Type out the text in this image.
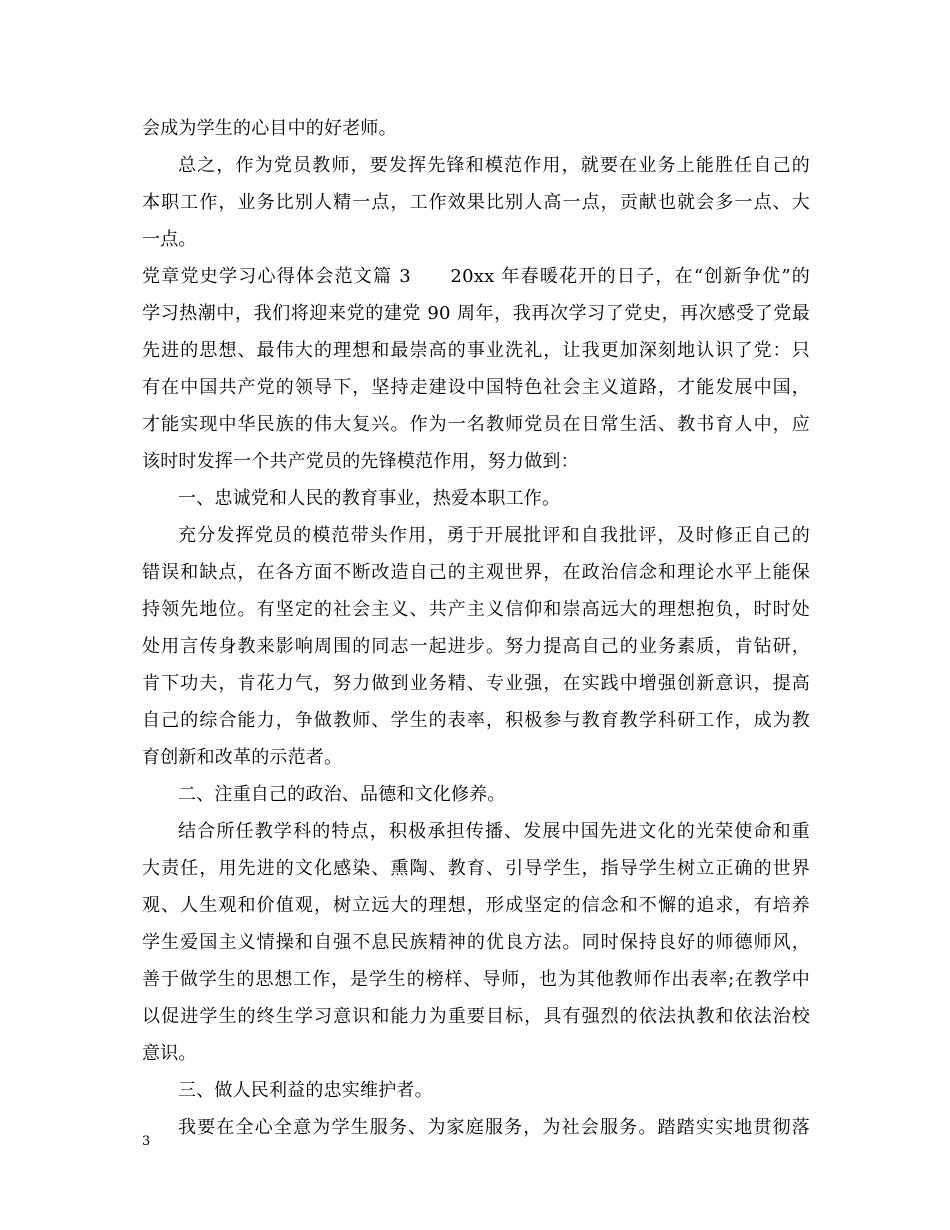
会成为学生的心目中的好老师。
总之，作为党员教师，要发挥先锋和模范作用，就要在业务上能胜任自己的
本职工作，业务比别人精一点，工作效果比别人高一点，贡献也就会多一点、大
一点。
党章党史学习心得体会范文篇 3　　20xx 年春暖花开的日子，在“创新争优”的
学习热潮中，我们将迎来党的建党 90 周年，我再次学习了党史，再次感受了党最
先进的思想、最伟大的理想和最崇高的事业洗礼，让我更加深刻地认识了党：只
有在中国共产党的领导下，坚持走建设中国特色社会主义道路，才能发展中国，
才能实现中华民族的伟大复兴。作为一名教师党员在日常生活、教书育人中，应
该时时发挥一个共产党员的先锋模范作用，努力做到：
一、忠诚党和人民的教育事业，热爱本职工作。
充分发挥党员的模范带头作用，勇于开展批评和自我批评，及时修正自己的
错误和缺点，在各方面不断改造自己的主观世界，在政治信念和理论水平上能保
持领先地位。有坚定的社会主义、共产主义信仰和崇高远大的理想抱负，时时处
处用言传身教来影响周围的同志一起进步。努力提高自己的业务素质，肯钻研，
肯下功夫，肯花力气，努力做到业务精、专业强，在实践中增强创新意识，提高
自己的综合能力，争做教师、学生的表率，积极参与教育教学科研工作，成为教
育创新和改革的示范者。
二、注重自己的政治、品德和文化修养。
结合所任教学科的特点，积极承担传播、发展中国先进文化的光荣使命和重
大责任，用先进的文化感染、熏陶、教育、引导学生，指导学生树立正确的世界
观、人生观和价值观，树立远大的理想，形成坚定的信念和不懈的追求，有培养
学生爱国主义情操和自强不息民族精神的优良方法。同时保持良好的师德师风，
善于做学生的思想工作，是学生的榜样、导师，也为其他教师作出表率;在教学中
以促进学生的终生学习意识和能力为重要目标，具有强烈的依法执教和依法治校
意识。
三、做人民利益的忠实维护者。
我要在全心全意为学生服务、为家庭服务，为社会服务。踏踏实实地贯彻落
3
